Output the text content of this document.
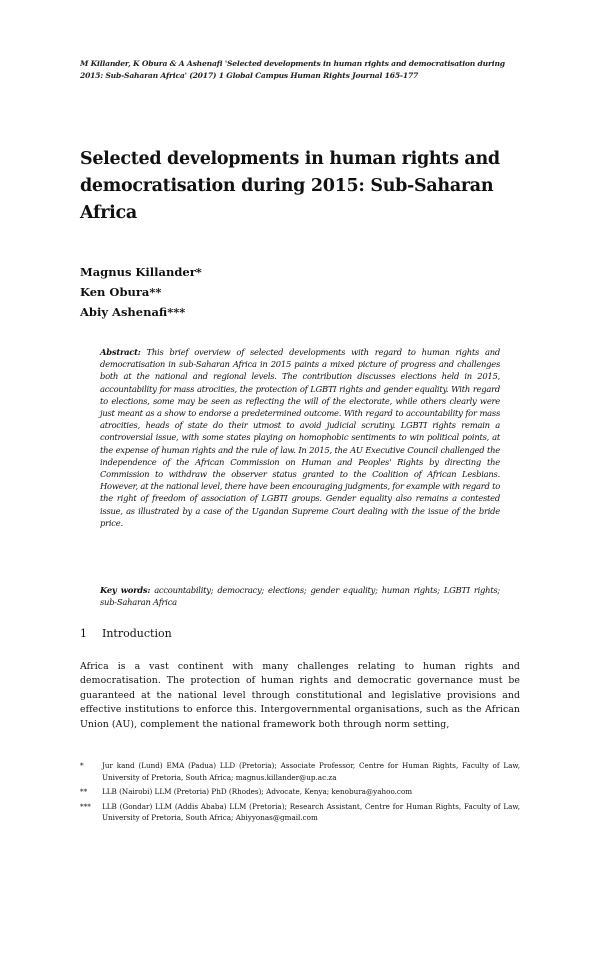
M Killander, K Obura & A Ashenafi 'Selected developments in human rights and democratisation during
2015: Sub-Saharan Africa' (2017) 1 Global Campus Human Rights Journal 165-177
Selected developments in human rights and democratisation during 2015: Sub-Saharan Africa
Magnus Killander*
Ken Obura**
Abiy Ashenafi***
Abstract: This brief overview of selected developments with regard to human rights and democratisation in sub-Saharan Africa in 2015 paints a mixed picture of progress and challenges both at the national and regional levels. The contribution discusses elections held in 2015, accountability for mass atrocities, the protection of LGBTI rights and gender equality. With regard to elections, some may be seen as reflecting the will of the electorate, while others clearly were just meant as a show to endorse a predetermined outcome. With regard to accountability for mass atrocities, heads of state do their utmost to avoid judicial scrutiny. LGBTI rights remain a controversial issue, with some states playing on homophobic sentiments to win political points, at the expense of human rights and the rule of law. In 2015, the AU Executive Council challenged the independence of the African Commission on Human and Peoples' Rights by directing the Commission to withdraw the observer status granted to the Coalition of African Lesbians. However, at the national level, there have been encouraging judgments, for example with regard to the right of freedom of association of LGBTI groups. Gender equality also remains a contested issue, as illustrated by a case of the Ugandan Supreme Court dealing with the issue of the bride price.
Key words: accountability; democracy; elections; gender equality; human rights; LGBTI rights; sub-Saharan Africa
1 Introduction
Africa is a vast continent with many challenges relating to human rights and democratisation. The protection of human rights and democratic governance must be guaranteed at the national level through constitutional and legislative provisions and effective institutions to enforce this. Intergovernmental organisations, such as the African Union (AU), complement the national framework both through norm setting,
*	Jur kand (Lund) EMA (Padua) LLD (Pretoria); Associate Professor, Centre for Human Rights, Faculty of Law, University of Pretoria, South Africa; magnus.killander@up.ac.za
** LLB (Nairobi) LLM (Pretoria) PhD (Rhodes); Advocate, Kenya; kenobura@yahoo.com
*** LLB (Gondar) LLM (Addis Ababa) LLM (Pretoria); Research Assistant, Centre for Human Rights, Faculty of Law, University of Pretoria, South Africa; Abiyyonas@gmail.com
